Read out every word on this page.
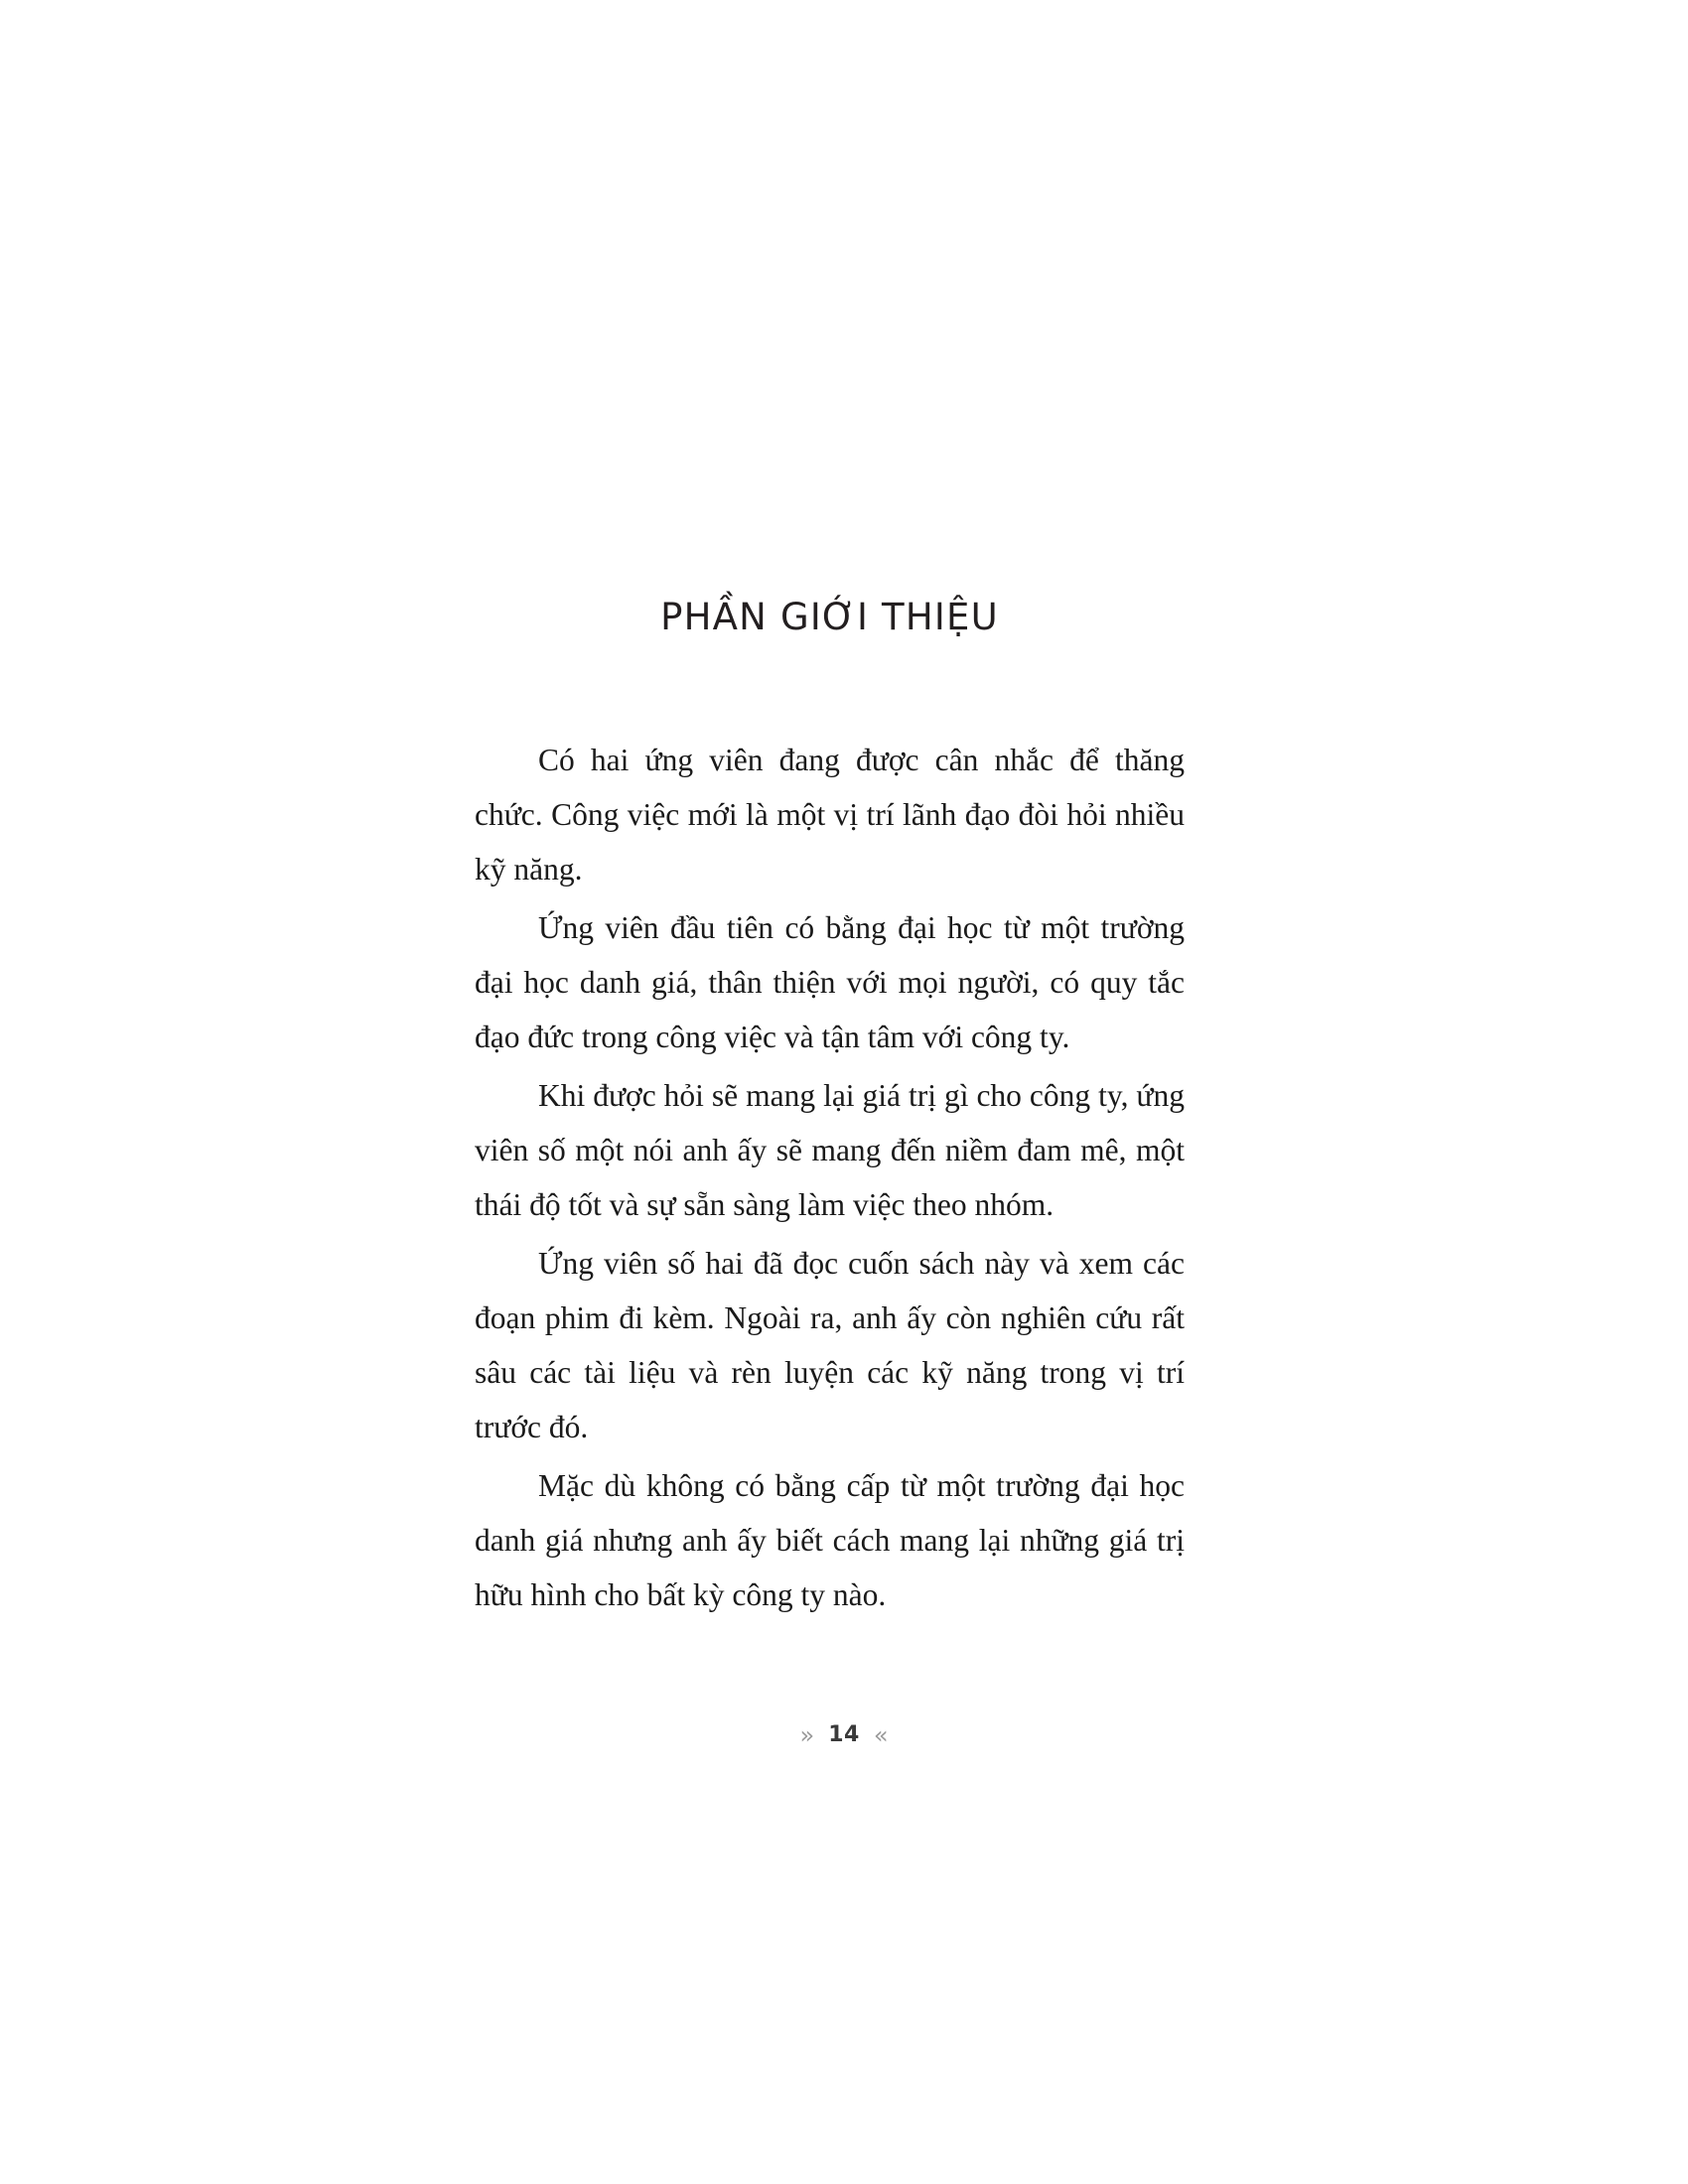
PHẦN GIỚI THIỆU

Có hai ứng viên đang được cân nhắc để thăng chức. Công việc mới là một vị trí lãnh đạo đòi hỏi nhiều kỹ năng.

Ứng viên đầu tiên có bằng đại học từ một trường đại học danh giá, thân thiện với mọi người, có quy tắc đạo đức trong công việc và tận tâm với công ty.

Khi được hỏi sẽ mang lại giá trị gì cho công ty, ứng viên số một nói anh ấy sẽ mang đến niềm đam mê, một thái độ tốt và sự sẵn sàng làm việc theo nhóm.

Ứng viên số hai đã đọc cuốn sách này và xem các đoạn phim đi kèm. Ngoài ra, anh ấy còn nghiên cứu rất sâu các tài liệu và rèn luyện các kỹ năng trong vị trí trước đó.

Mặc dù không có bằng cấp từ một trường đại học danh giá nhưng anh ấy biết cách mang lại những giá trị hữu hình cho bất kỳ công ty nào.

» 14 «
